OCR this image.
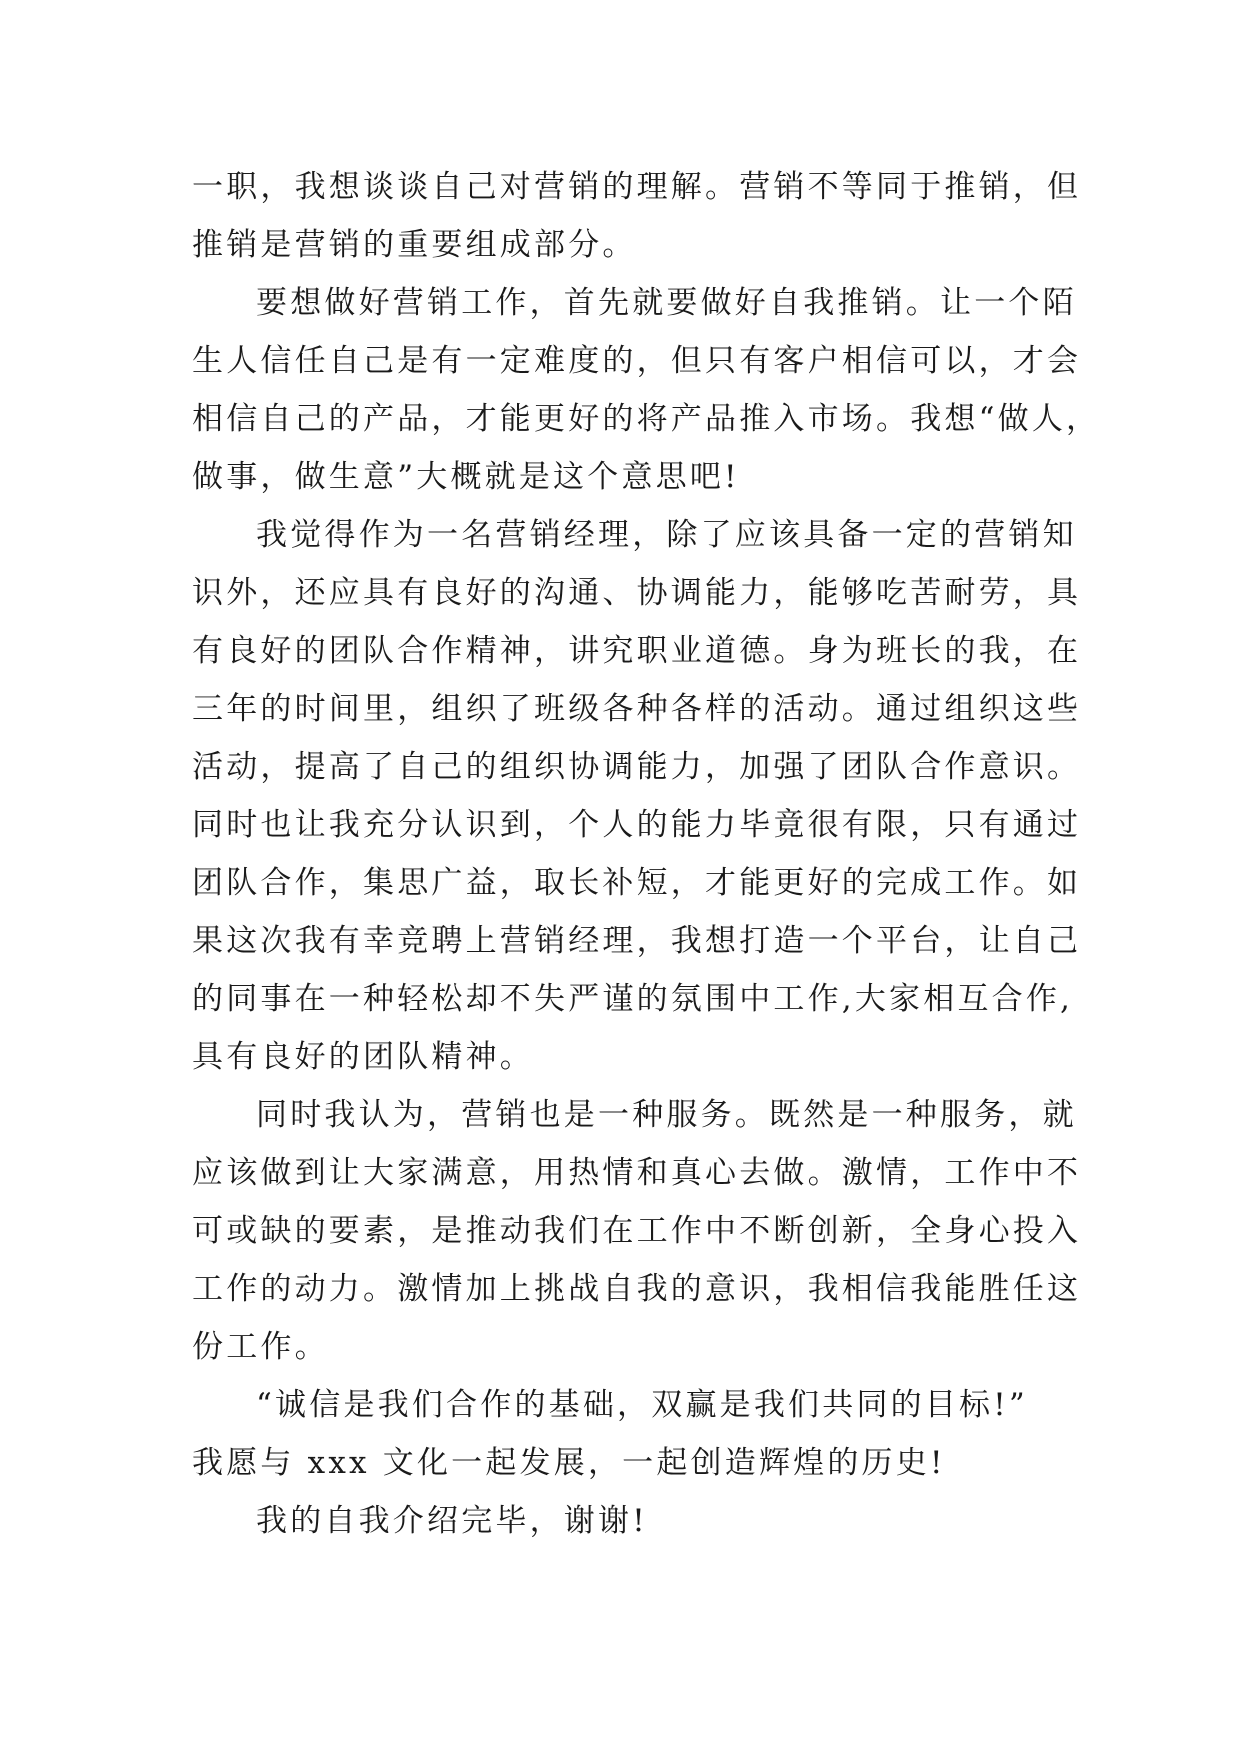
一职，我想谈谈自己对营销的理解。营销不等同于推销，但
推销是营销的重要组成部分。
要想做好营销工作，首先就要做好自我推销。让一个陌
生人信任自己是有一定难度的，但只有客户相信可以，才会
相信自己的产品，才能更好的将产品推入市场。我想“做人，
做事，做生意”大概就是这个意思吧!
我觉得作为一名营销经理，除了应该具备一定的营销知
识外，还应具有良好的沟通、协调能力，能够吃苦耐劳，具
有良好的团队合作精神，讲究职业道德。身为班长的我，在
三年的时间里，组织了班级各种各样的活动。通过组织这些
活动，提高了自己的组织协调能力，加强了团队合作意识。
同时也让我充分认识到，个人的能力毕竟很有限，只有通过
团队合作，集思广益，取长补短，才能更好的完成工作。如
果这次我有幸竞聘上营销经理，我想打造一个平台，让自己
的同事在一种轻松却不失严谨的氛围中工作,大家相互合作,
具有良好的团队精神。
同时我认为，营销也是一种服务。既然是一种服务，就
应该做到让大家满意，用热情和真心去做。激情，工作中不
可或缺的要素，是推动我们在工作中不断创新，全身心投入
工作的动力。激情加上挑战自我的意识，我相信我能胜任这
份工作。
“诚信是我们合作的基础，双赢是我们共同的目标!”
我愿与 xxx 文化一起发展，一起创造辉煌的历史!
我的自我介绍完毕，谢谢!
